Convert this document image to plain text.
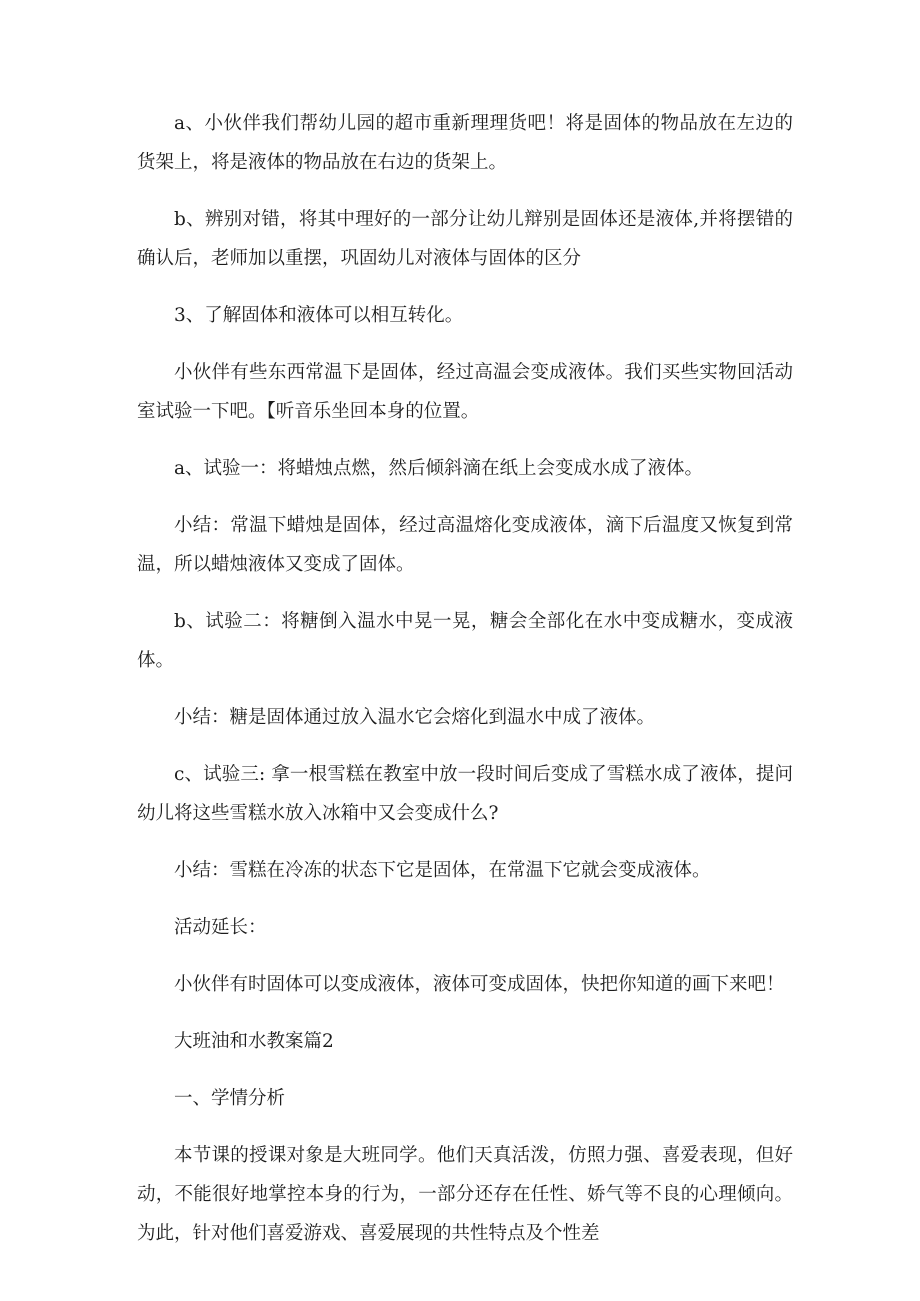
a、小伙伴我们帮幼儿园的超市重新理理货吧！将是固体的物品放在左边的货架上，将是液体的物品放在右边的货架上。

b、辨别对错，将其中理好的一部分让幼儿辩别是固体还是液体,并将摆错的确认后，老师加以重摆，巩固幼儿对液体与固体的区分

3、了解固体和液体可以相互转化。

小伙伴有些东西常温下是固体，经过高温会变成液体。我们买些实物回活动室试验一下吧。【听音乐坐回本身的位置。

a、试验一：将蜡烛点燃，然后倾斜滴在纸上会变成水成了液体。

小结：常温下蜡烛是固体，经过高温熔化变成液体，滴下后温度又恢复到常温，所以蜡烛液体又变成了固体。

b、试验二：将糖倒入温水中晃一晃，糖会全部化在水中变成糖水，变成液体。

小结：糖是固体通过放入温水它会熔化到温水中成了液体。

c、试验三: 拿一根雪糕在教室中放一段时间后变成了雪糕水成了液体，提问幼儿将这些雪糕水放入冰箱中又会变成什么?

小结：雪糕在冷冻的状态下它是固体，在常温下它就会变成液体。

活动延长：

小伙伴有时固体可以变成液体，液体可变成固体，快把你知道的画下来吧！

大班油和水教案篇2

一、学情分析

本节课的授课对象是大班同学。他们天真活泼，仿照力强、喜爱表现，但好动，不能很好地掌控本身的行为，一部分还存在任性、娇气等不良的心理倾向。为此，针对他们喜爱游戏、喜爱展现的共性特点及个性差
